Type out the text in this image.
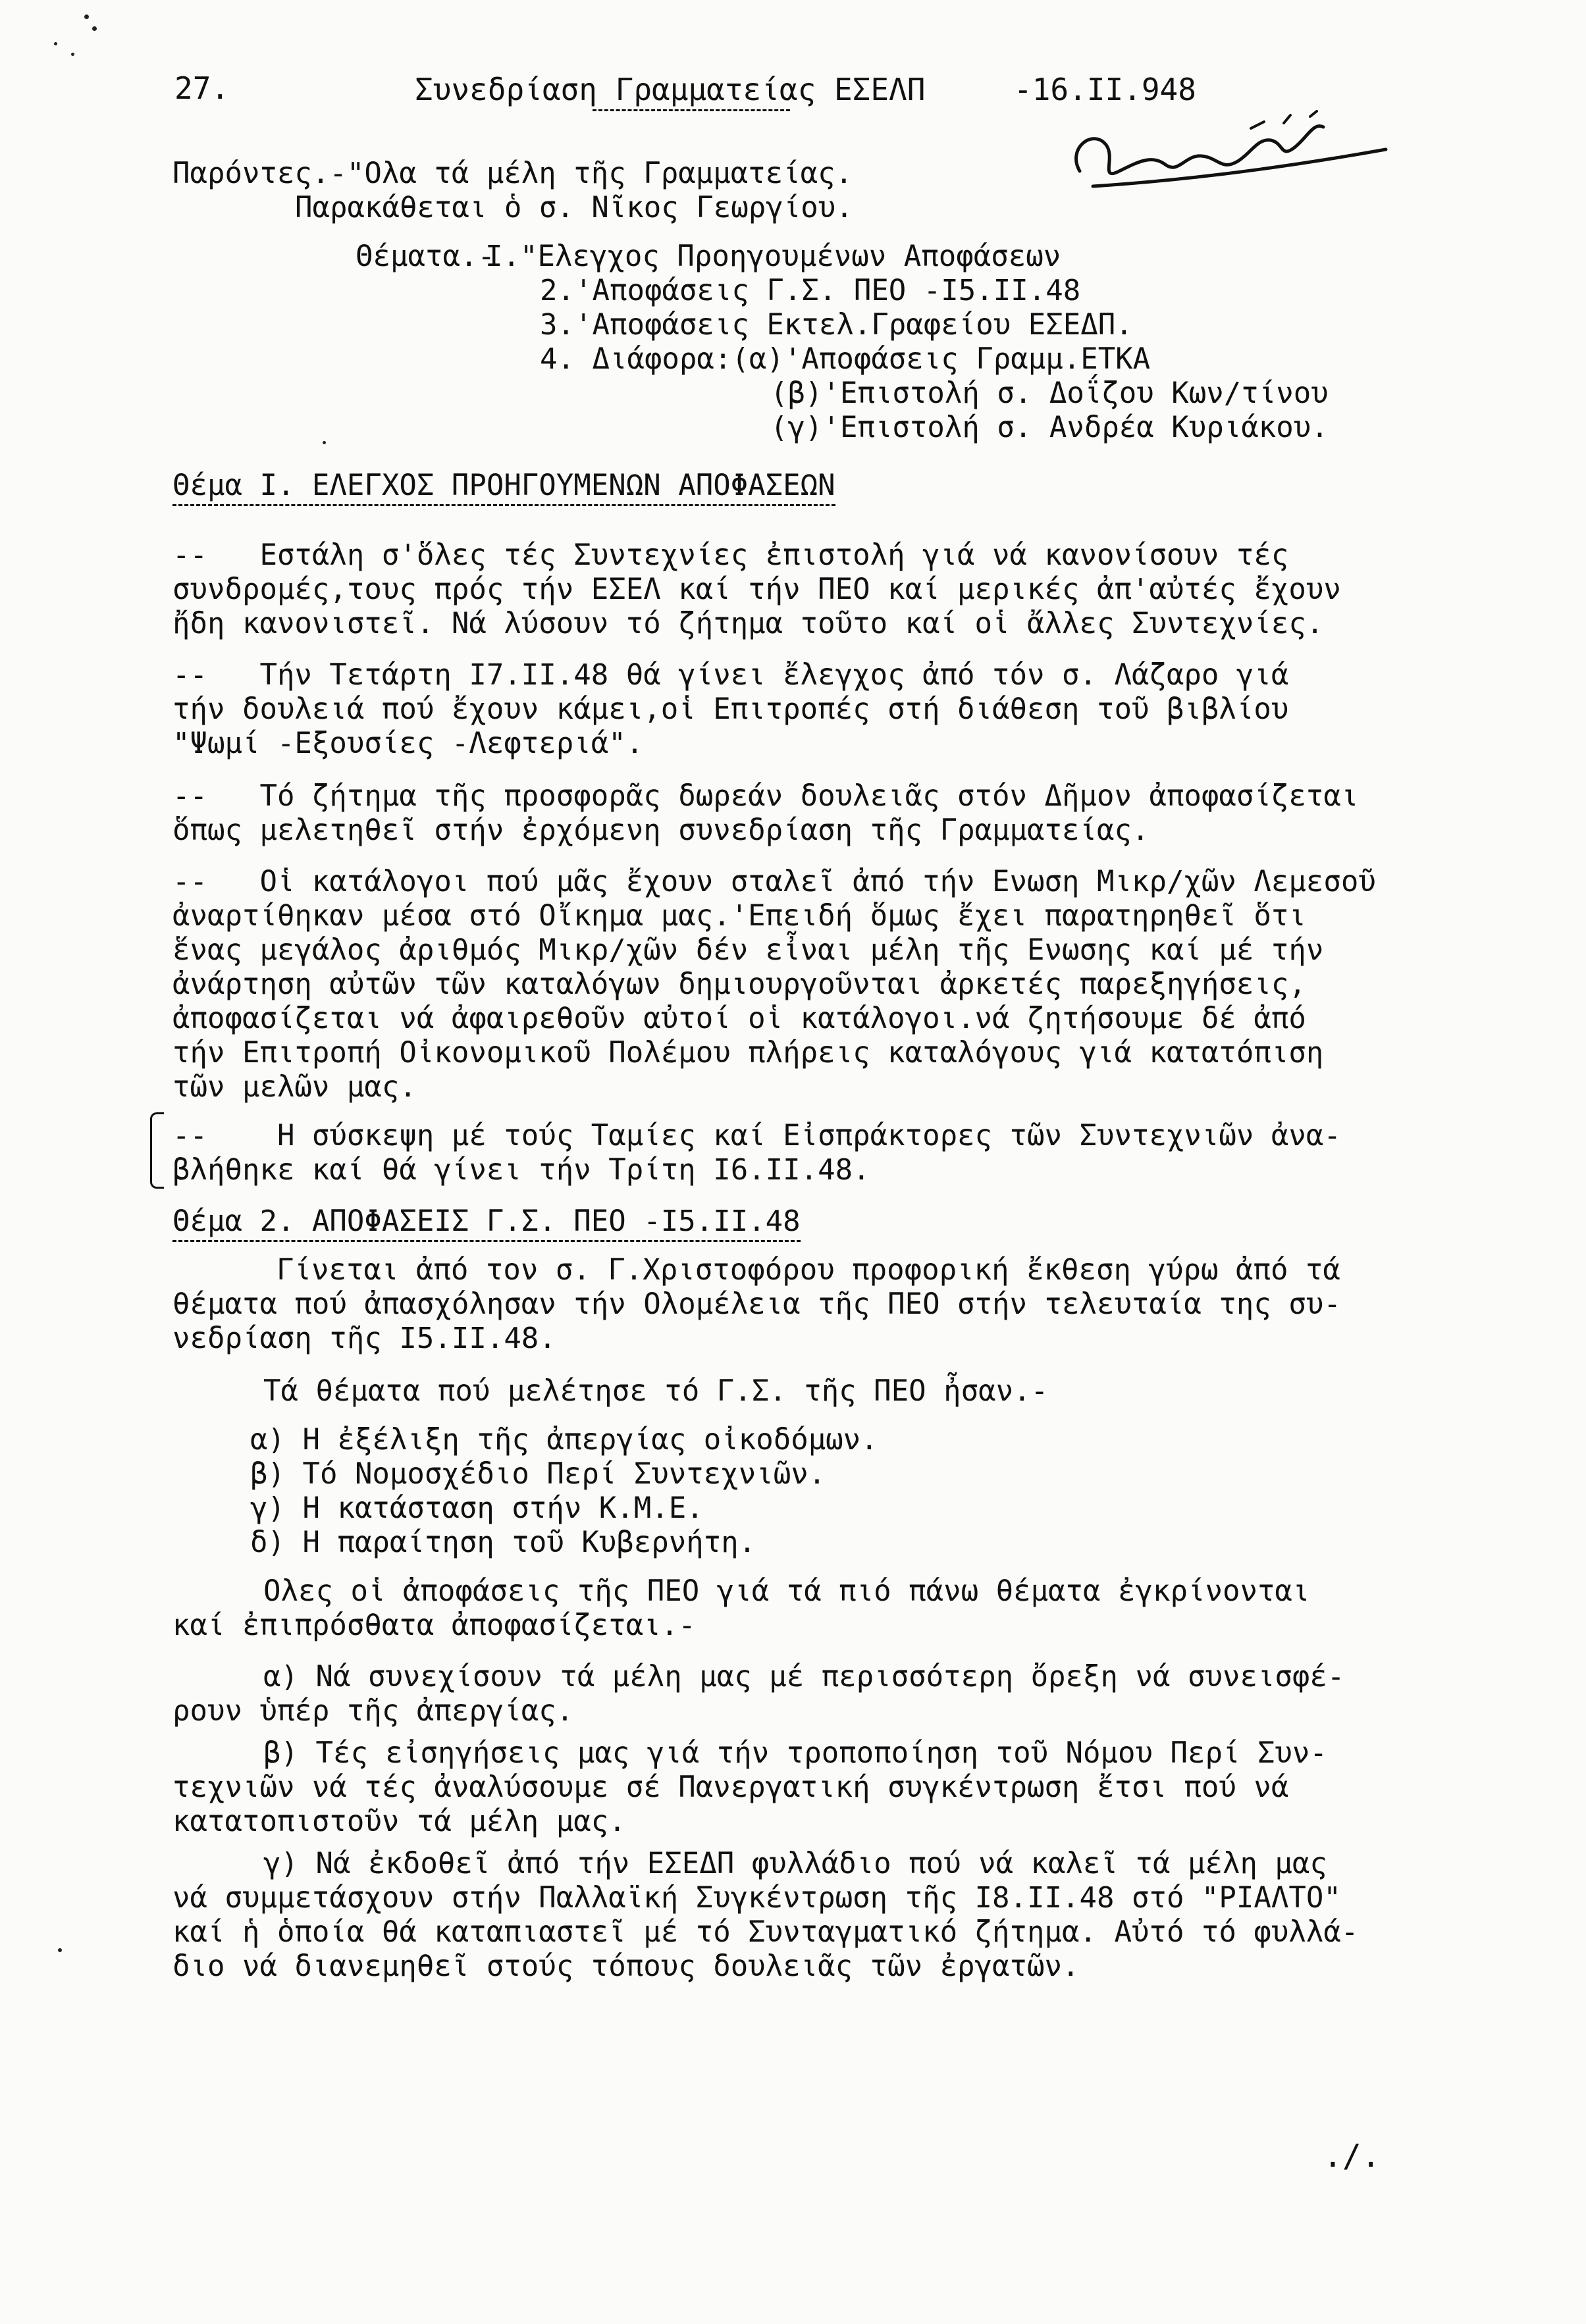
27.	Συνεδρίαση Γραμματείας ΕΣΕΛΠ	-16.ΙΙ.948
Παρόντες.-"Ολα τά μέλη τῆς Γραμματείας.
Παρακάθεται ὁ σ. Νῖκος Γεωργίου.
Θέματα.-
I."Ελεγχος Προηγουμένων Αποφάσεων
2.'Αποφάσεις Γ.Σ. ΠΕΟ -I5.II.48
3.'Αποφάσεις Εκτελ.Γραφείου ΕΣΕΔΠ.
4. Διάφορα:(α)'Αποφάσεις Γραμμ.ΕΤΚΑ
(β)'Επιστολή σ. Δοΐζου Κων/τίνου
(γ)'Επιστολή σ. Ανδρέα Κυριάκου.
Θέμα Ι. ΕΛΕΓΧΟΣ ΠΡΟΗΓΟΥΜΕΝΩΝ ΑΠΟΦΑΣΕΩΝ
--   Εστάλη σ'ὅλες τές Συντεχνίες ἐπιστολή γιά νά κανονίσουν τές
συνδρομές,τους πρός τήν ΕΣΕΛ καί τήν ΠΕΟ καί μερικές ἀπ'αὐτές ἔχουν
ἤδη κανονιστεῖ. Νά λύσουν τό ζήτημα τοῦτο καί οἱ ἄλλες Συντεχνίες.
--   Τήν Τετάρτη I7.II.48 θά γίνει ἔλεγχος ἀπό τόν σ. Λάζαρο γιά
τήν δουλειά πού ἔχουν κάμει,οἱ Επιτροπές στή διάθεση τοῦ βιβλίου
"Ψωμί -Εξουσίες -Λεφτεριά".
--   Τό ζήτημα τῆς προσφορᾶς δωρεάν δουλειᾶς στόν Δῆμον ἀποφασίζεται
ὅπως μελετηθεῖ στήν ἐρχόμενη συνεδρίαση τῆς Γραμματείας.
--   Οἱ κατάλογοι πού μᾶς ἔχουν σταλεῖ ἀπό τήν Ενωση Μικρ/χῶν Λεμεσοῦ
ἀναρτίθηκαν μέσα στό Οἴκημα μας.'Επειδή ὅμως ἔχει παρατηρηθεῖ ὅτι
ἕνας μεγάλος ἀριθμός Μικρ/χῶν δέν εἶναι μέλη τῆς Ενωσης καί μέ τήν
ἀνάρτηση αὐτῶν τῶν καταλόγων δημιουργοῦνται ἀρκετές παρεξηγήσεις,
ἀποφασίζεται νά ἀφαιρεθοῦν αὐτοί οἱ κατάλογοι.νά ζητήσουμε δέ ἀπό
τήν Επιτροπή Οἰκονομικοῦ Πολέμου πλήρεις καταλόγους γιά κατατόπιση
τῶν μελῶν μας.
--    Η σύσκεψη μέ τούς Ταμίες καί Εἰσπράκτορες τῶν Συντεχνιῶν ἀνα-
βλήθηκε καί θά γίνει τήν Τρίτη I6.II.48.
Θέμα 2. ΑΠΟΦΑΣΕΙΣ Γ.Σ. ΠΕΟ -I5.II.48
Γίνεται ἀπό τον σ. Γ.Χριστοφόρου προφορική ἔκθεση γύρω ἀπό τά
θέματα πού ἀπασχόλησαν τήν Ολομέλεια τῆς ΠΕΟ στήν τελευταία της συ-
νεδρίαση τῆς I5.II.48.
Τά θέματα πού μελέτησε τό Γ.Σ. τῆς ΠΕΟ ἦσαν.-
α) Η ἐξέλιξη τῆς ἀπεργίας οἰκοδόμων.
β) Τό Νομοσχέδιο Περί Συντεχνιῶν.
γ) Η κατάσταση στήν Κ.Μ.Ε.
δ) Η παραίτηση τοῦ Κυβερνήτη.
Ολες οἱ ἀποφάσεις τῆς ΠΕΟ γιά τά πιό πάνω θέματα ἐγκρίνονται
καί ἐπιπρόσθατα ἀποφασίζεται.-
α) Νά συνεχίσουν τά μέλη μας μέ περισσότερη ὄρεξη νά συνεισφέ-
ρουν ὑπέρ τῆς ἀπεργίας.
β) Τές εἰσηγήσεις μας γιά τήν τροποποίηση τοῦ Νόμου Περί Συν-
τεχνιῶν νά τές ἀναλύσουμε σέ Πανεργατική συγκέντρωση ἔτσι πού νά
κατατοπιστοῦν τά μέλη μας.
γ) Νά ἐκδοθεῖ ἀπό τήν ΕΣΕΔΠ φυλλάδιο πού νά καλεῖ τά μέλη μας
νά συμμετάσχουν στήν Παλλαϊκή Συγκέντρωση τῆς I8.II.48 στό "ΡΙΑΛΤΟ"
καί ἡ ὁποία θά καταπιαστεῖ μέ τό Συνταγματικό ζήτημα. Αὐτό τό φυλλά-
διο νά διανεμηθεῖ στούς τόπους δουλειᾶς τῶν ἐργατῶν.
./.
